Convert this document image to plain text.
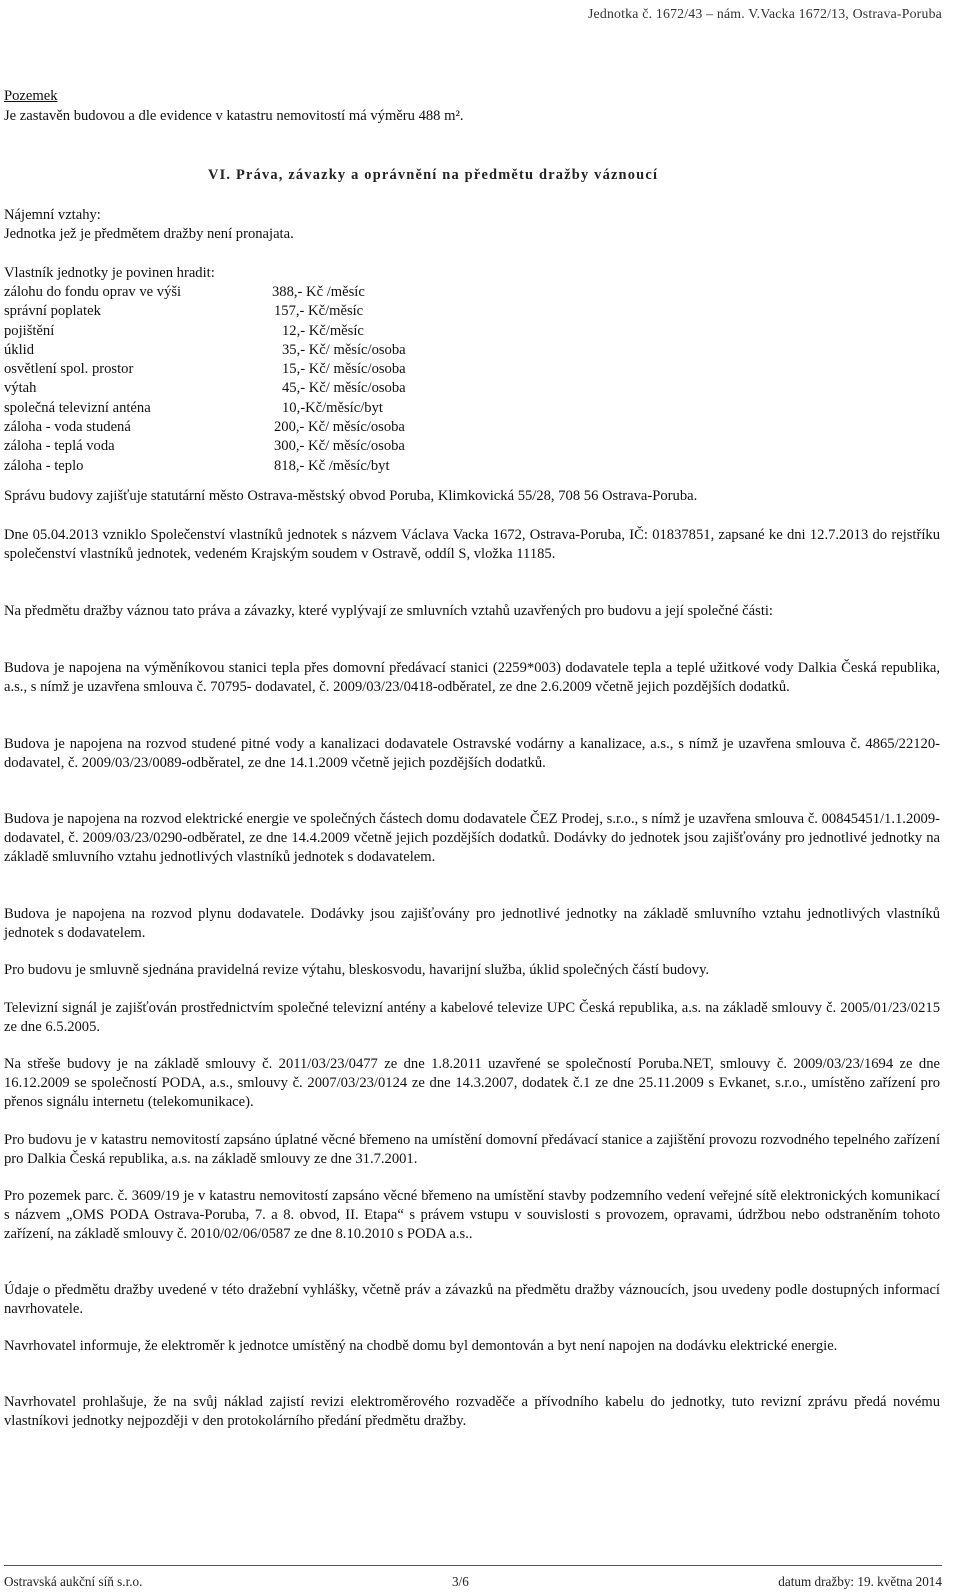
Jednotka č. 1672/43 – nám. V.Vacka 1672/13, Ostrava-Poruba
Pozemek
Je zastavěn budovou a dle evidence v katastru nemovitostí má výměru 488 m².
VI. Práva, závazky a oprávnění na předmětu dražby váznoucí
Nájemní vztahy:
Jednotka jež je předmětem dražby není pronajata.
Vlastník jednotky je povinen hradit:
zálohu do fondu oprav ve výši	388,- Kč /měsíc
správní poplatek	157,- Kč/měsíc
pojištění	12,- Kč/měsíc
úklid	35,- Kč/ měsíc/osoba
osvětlení spol. prostor	15,- Kč/ měsíc/osoba
výtah	45,- Kč/ měsíc/osoba
společná televizní anténa	10,-Kč/měsíc/byt
záloha - voda studená	200,- Kč/ měsíc/osoba
záloha - teplá voda	300,- Kč/ měsíc/osoba
záloha - teplo	818,- Kč /měsíc/byt
Správu budovy zajišťuje statutární město Ostrava-městský obvod Poruba, Klimkovická 55/28, 708 56 Ostrava-Poruba.
Dne 05.04.2013 vzniklo Společenství vlastníků jednotek s názvem Václava Vacka 1672, Ostrava-Poruba, IČ: 01837851, zapsané ke dni 12.7.2013 do rejstříku společenství vlastníků jednotek, vedeném Krajským soudem v Ostravě, oddíl S, vložka 11185.
Na předmětu dražby váznou tato práva a závazky, které vyplývají ze smluvních vztahů uzavřených pro budovu a její společné části:
Budova je napojena na výměníkovou stanici tepla přes domovní předávací stanici (2259*003) dodavatele tepla a teplé užitkové vody Dalkia Česká republika, a.s., s nímž je uzavřena smlouva č. 70795- dodavatel, č. 2009/03/23/0418-odběratel, ze dne 2.6.2009 včetně jejich pozdějších dodatků.
Budova je napojena na rozvod studené pitné vody a kanalizaci dodavatele Ostravské vodárny a kanalizace, a.s., s nímž je uzavřena smlouva č. 4865/22120- dodavatel, č. 2009/03/23/0089-odběratel, ze dne 14.1.2009 včetně jejich pozdějších dodatků.
Budova je napojena na rozvod elektrické energie ve společných částech domu dodavatele ČEZ Prodej, s.r.o., s nímž je uzavřena smlouva č. 00845451/1.1.2009- dodavatel, č. 2009/03/23/0290-odběratel, ze dne 14.4.2009 včetně jejich pozdějších dodatků. Dodávky do jednotek jsou zajišťovány pro jednotlivé jednotky na základě smluvního vztahu jednotlivých vlastníků jednotek s dodavatelem.
Budova je napojena na rozvod plynu dodavatele. Dodávky jsou zajišťovány pro jednotlivé jednotky na základě smluvního vztahu jednotlivých vlastníků jednotek s dodavatelem.
Pro budovu je smluvně sjednána pravidelná revize výtahu, bleskosvodu, havarijní služba, úklid společných částí budovy.
Televizní signál je zajišťován prostřednictvím společné televizní antény a kabelové televize UPC Česká republika, a.s. na základě smlouvy č. 2005/01/23/0215 ze dne 6.5.2005.
Na střeše budovy je na základě smlouvy č. 2011/03/23/0477 ze dne 1.8.2011 uzavřené se společností Poruba.NET, smlouvy č. 2009/03/23/1694 ze dne 16.12.2009 se společností PODA, a.s., smlouvy č. 2007/03/23/0124 ze dne 14.3.2007, dodatek č.1 ze dne 25.11.2009 s Evkanet, s.r.o., umístěno zařízení pro přenos signálu internetu (telekomunikace).
Pro budovu je v katastru nemovitostí zapsáno úplatné věcné břemeno na umístění domovní předávací stanice a zajištění provozu rozvodného tepelného zařízení pro Dalkia Česká republika, a.s. na základě smlouvy ze dne 31.7.2001.
Pro pozemek parc. č. 3609/19 je v katastru nemovitostí zapsáno věcné břemeno na umístění stavby podzemního vedení veřejné sítě elektronických komunikací s názvem „OMS PODA Ostrava-Poruba, 7. a 8. obvod, II. Etapa“ s právem vstupu v souvislosti s provozem, opravami, údržbou nebo odstraněním tohoto zařízení, na základě smlouvy č. 2010/02/06/0587 ze dne 8.10.2010 s PODA a.s..
Údaje o předmětu dražby uvedené v této dražební vyhlášky, včetně práv a závazků na předmětu dražby váznoucích, jsou uvedeny podle dostupných informací navrhovatele.
Navrhovatel informuje, že elektroměr k jednotce umístěný na chodbě domu byl demontován a byt není napojen na dodávku elektrické energie.
Navrhovatel prohlašuje, že na svůj náklad zajistí revizi elektroměrového rozvaděče a přívodního kabelu do jednotky, tuto revizní zprávu předá novému vlastníkovi jednotky nejpozději v den protokolárního předání předmětu dražby.
Ostravská aukční síň s.r.o.	3/6	datum dražby: 19. května 2014
